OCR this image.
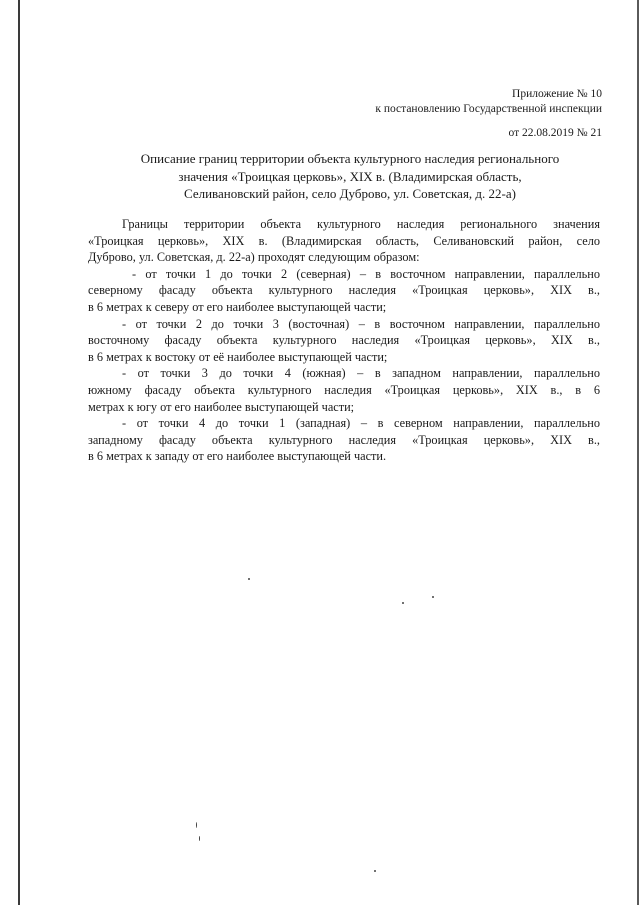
Приложение № 10
к постановлению Государственной инспекции
от 22.08.2019 № 21
Описание границ территории объекта культурного наследия регионального
значения «Троицкая церковь», XIX в. (Владимирская область,
Селивановский район, село Дуброво, ул. Советская, д. 22-а)
Границы территории объекта культурного наследия регионального значения
«Троицкая церковь», XIX в. (Владимирская область, Селивановский район, село
Дуброво, ул. Советская, д. 22-а) проходят следующим образом:
- от точки 1 до точки 2 (северная) – в восточном направлении, параллельно
северному фасаду объекта культурного наследия «Троицкая церковь», XIX в.,
в 6 метрах к северу от его наиболее выступающей части;
- от точки 2 до точки 3 (восточная) – в восточном направлении, параллельно
восточному фасаду объекта культурного наследия «Троицкая церковь», XIX в.,
в 6 метрах к востоку от её наиболее выступающей части;
- от точки 3 до точки 4 (южная) – в западном направлении, параллельно
южному фасаду объекта культурного наследия «Троицкая церковь», XIX в., в 6
метрах к югу от его наиболее выступающей части;
- от точки 4 до точки 1 (западная) – в северном направлении, параллельно
западному фасаду объекта культурного наследия «Троицкая церковь», XIX в.,
в 6 метрах к западу от его наиболее выступающей части.
